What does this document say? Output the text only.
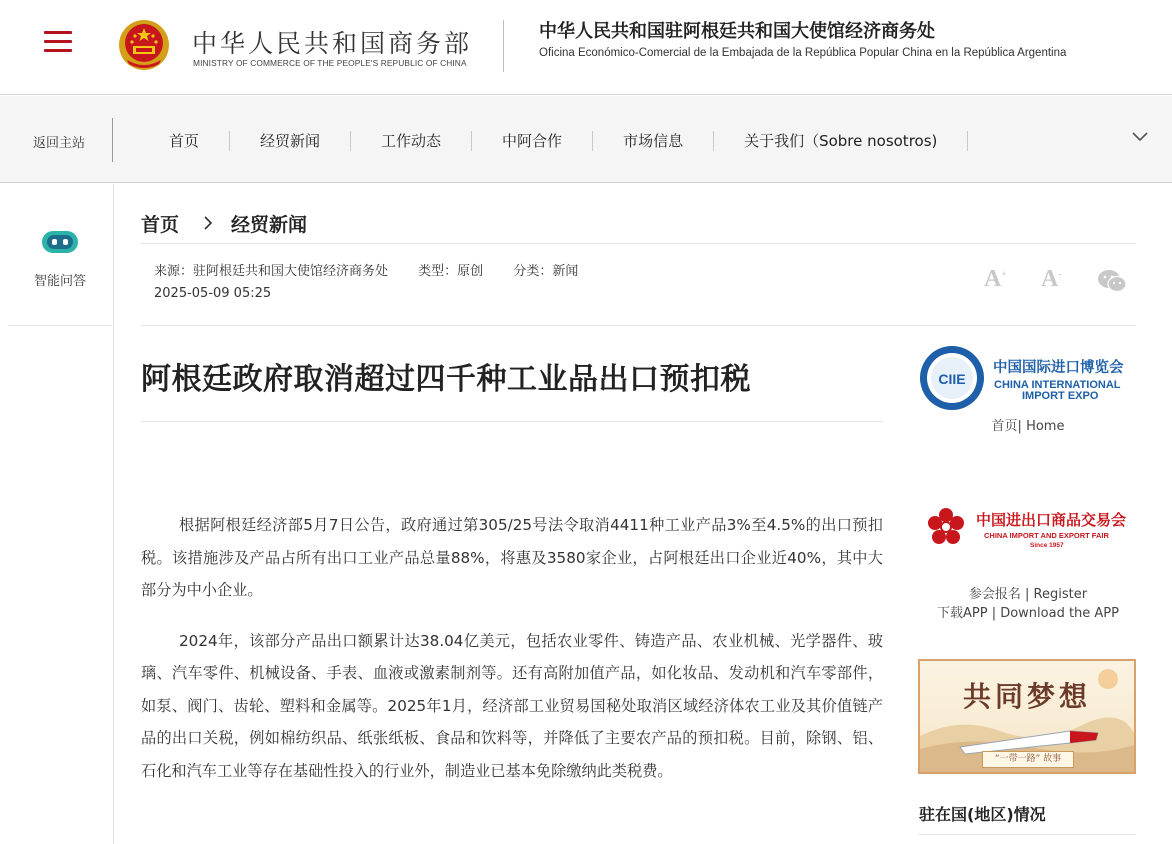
中华人民共和国商务部
MINISTRY OF COMMERCE OF THE PEOPLE'S REPUBLIC OF CHINA
中华人民共和国驻阿根廷共和国大使馆经济商务处
Oficina Económico-Comercial de la Embajada de la República Popular China en la República Argentina
返回主站	首页	经贸新闻	工作动态	中阿合作	市场信息	关于我们（Sobre nosotros)
智能问答
首页	经贸新闻
来源：驻阿根廷共和国大使馆经济商务处 类型：原创 分类：新闻
2025-05-09 05:25
A+ A-
阿根廷政府取消超过四千种工业品出口预扣税

根据阿根廷经济部5月7日公告，政府通过第305/25号法令取消4411种工业产品3%至4.5%的出口预扣税。该措施涉及产品占所有出口工业产品总量88%，将惠及3580家企业，占阿根廷出口企业近40%，其中大部分为中小企业。

2024年，该部分产品出口额累计达38.04亿美元，包括农业零件、铸造产品、农业机械、光学器件、玻璃、汽车零件、机械设备、手表、血液或激素制剂等。还有高附加值产品，如化妆品、发动机和汽车零部件，如泵、阀门、齿轮、塑料和金属等。2025年1月，经济部工业贸易国秘处取消区域经济体农工业及其价值链产品的出口关税，例如棉纺织品、纸张纸板、食品和饮料等，并降低了主要农产品的预扣税。目前，除钢、铝、石化和汽车工业等存在基础性投入的行业外，制造业已基本免除缴纳此类税费。

CIIE
中国国际进口博览会
CHINA INTERNATIONAL
IMPORT EXPO
首页| Home
中国进出口商品交易会
CHINA IMPORT AND EXPORT FAIR
Since 1957
参会报名 | Register
下载APP | Download the APP
共同梦想
“一带一路” 故事
驻在国(地区)情况
